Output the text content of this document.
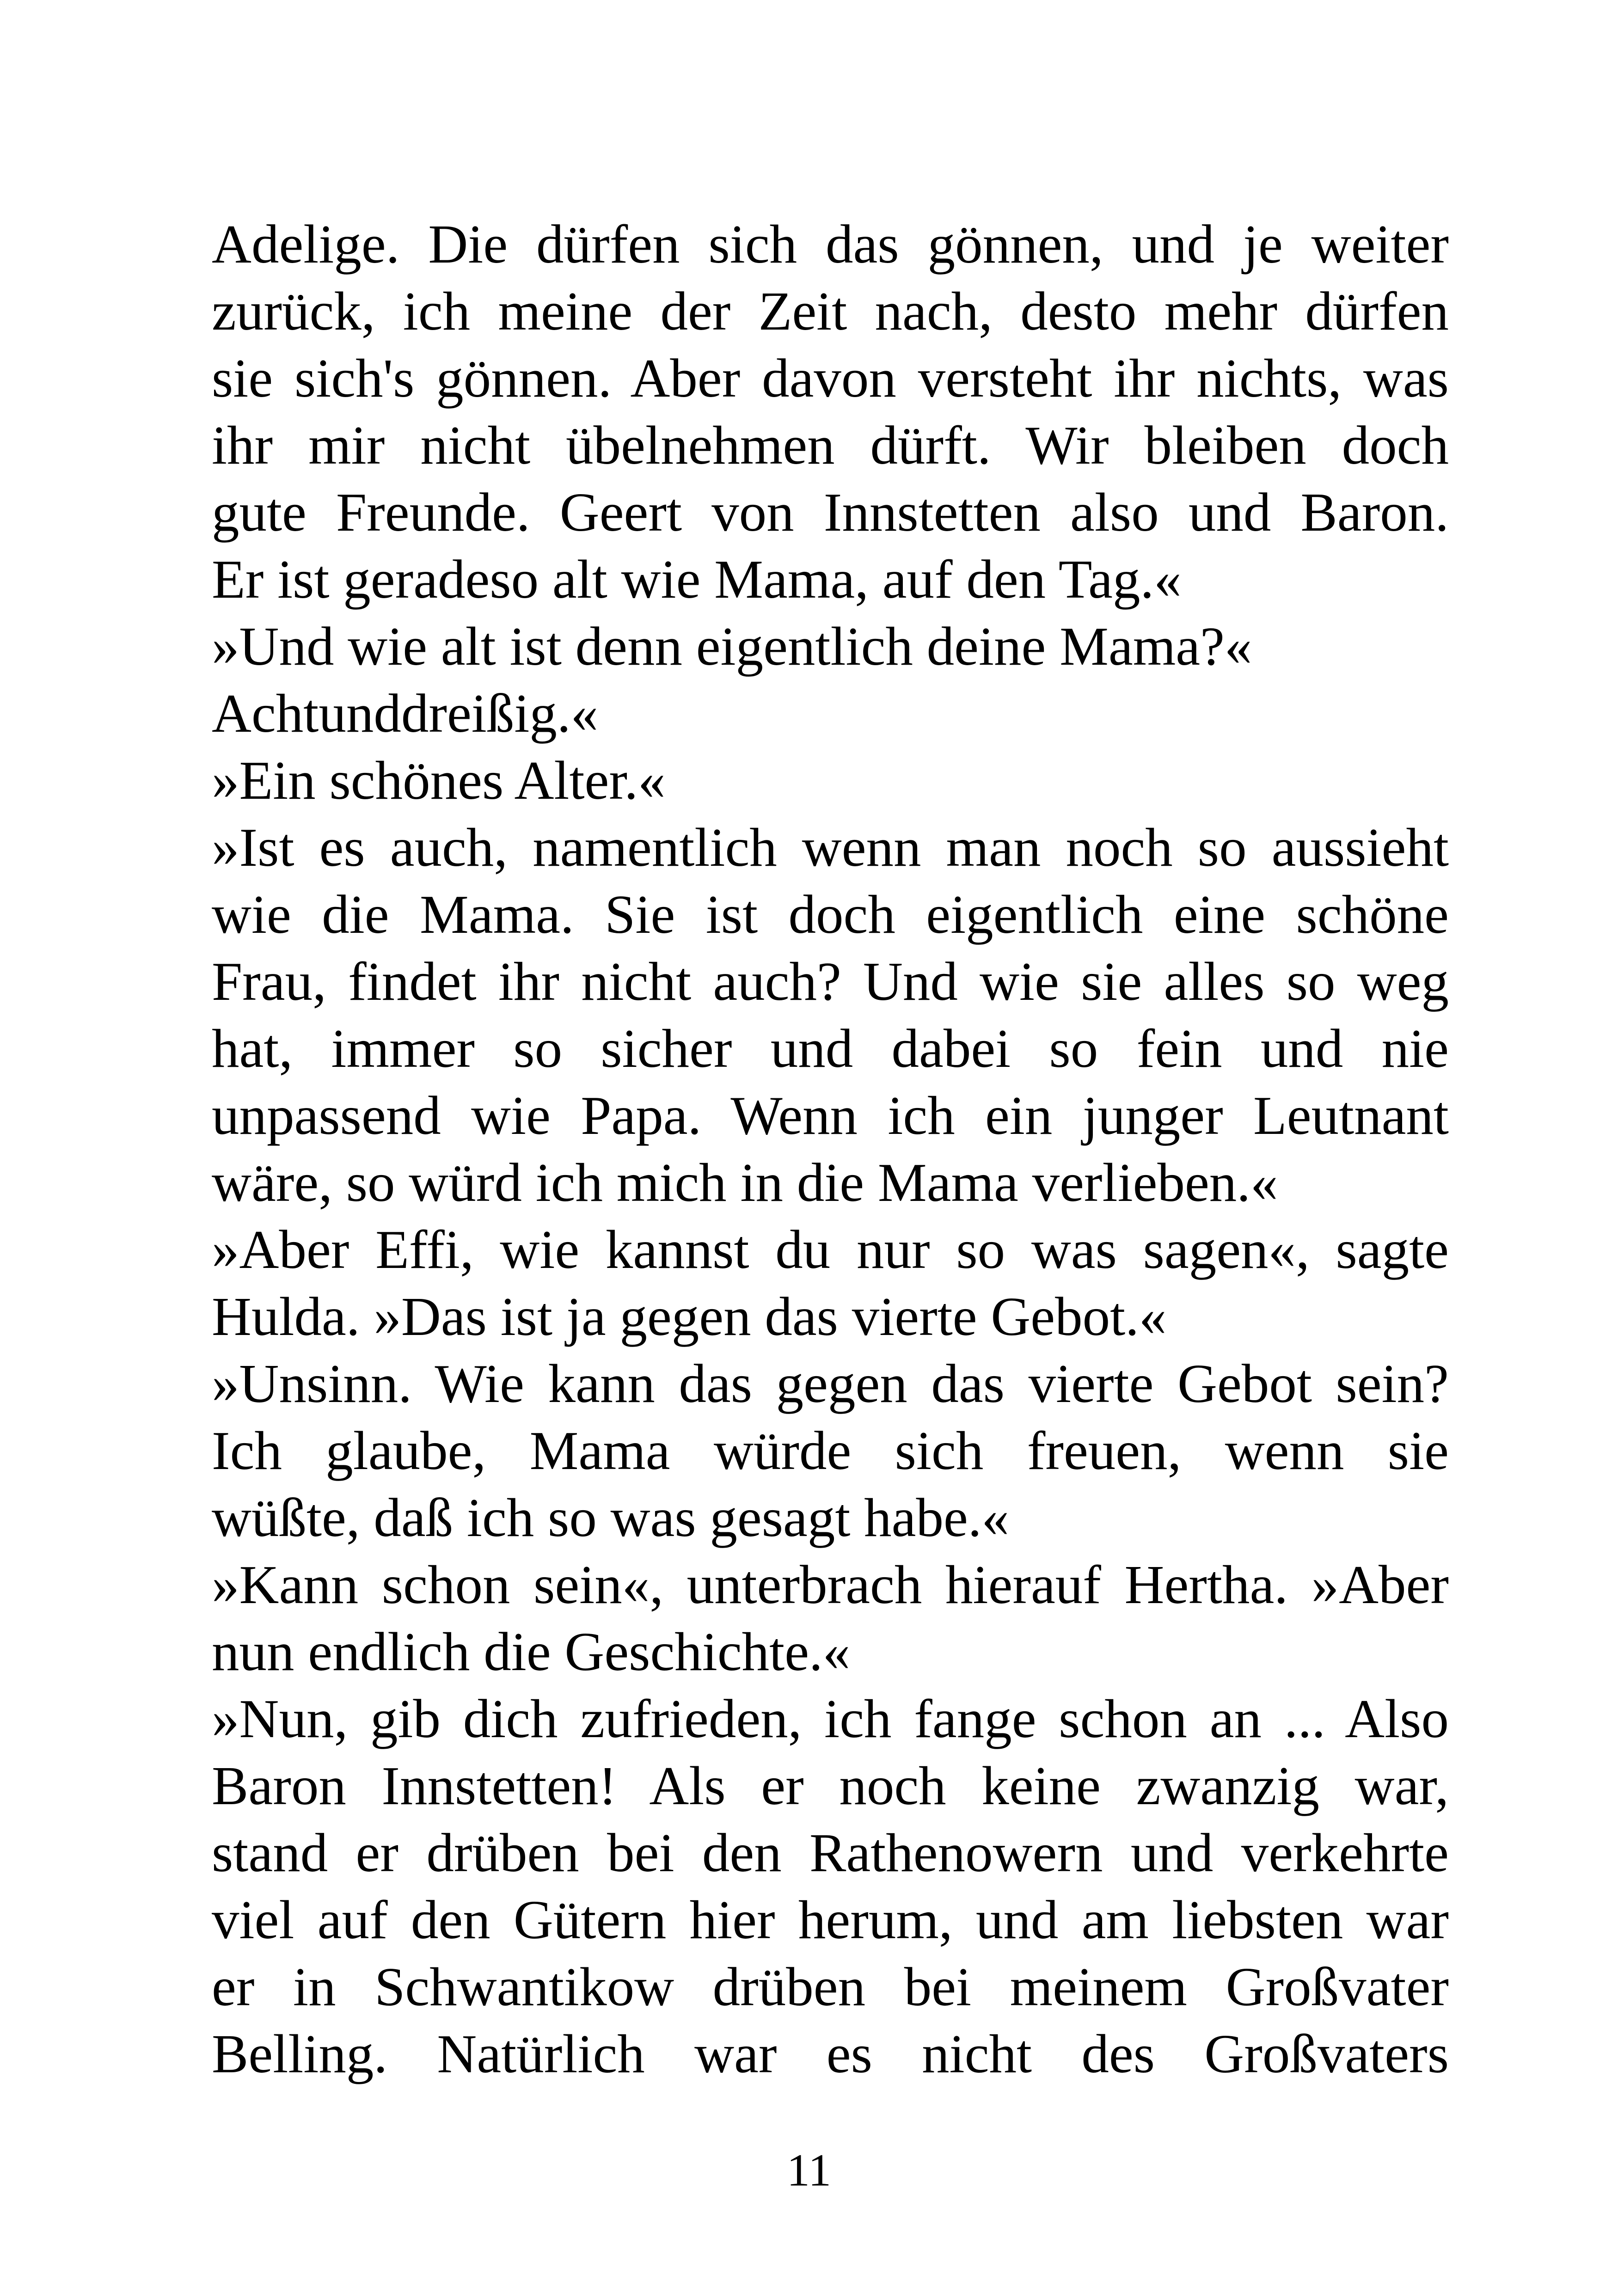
Adelige. Die dürfen sich das gönnen, und je weiter
zurück, ich meine der Zeit nach, desto mehr dürfen
sie sich's gönnen. Aber davon versteht ihr nichts, was
ihr mir nicht übelnehmen dürft. Wir bleiben doch
gute Freunde. Geert von Innstetten also und Baron.
Er ist geradeso alt wie Mama, auf den Tag.«
»Und wie alt ist denn eigentlich deine Mama?«
Achtunddreißig.«
»Ein schönes Alter.«
»Ist es auch, namentlich wenn man noch so aussieht
wie die Mama. Sie ist doch eigentlich eine schöne
Frau, findet ihr nicht auch? Und wie sie alles so weg
hat, immer so sicher und dabei so fein und nie
unpassend wie Papa. Wenn ich ein junger Leutnant
wäre, so würd ich mich in die Mama verlieben.«
»Aber Effi, wie kannst du nur so was sagen«, sagte
Hulda. »Das ist ja gegen das vierte Gebot.«
»Unsinn. Wie kann das gegen das vierte Gebot sein?
Ich glaube, Mama würde sich freuen, wenn sie
wüßte, daß ich so was gesagt habe.«
»Kann schon sein«, unterbrach hierauf Hertha. »Aber
nun endlich die Geschichte.«
»Nun, gib dich zufrieden, ich fange schon an ... Also
Baron Innstetten! Als er noch keine zwanzig war,
stand er drüben bei den Rathenowern und verkehrte
viel auf den Gütern hier herum, und am liebsten war
er in Schwantikow drüben bei meinem Großvater
Belling. Natürlich war es nicht des Großvaters
11
